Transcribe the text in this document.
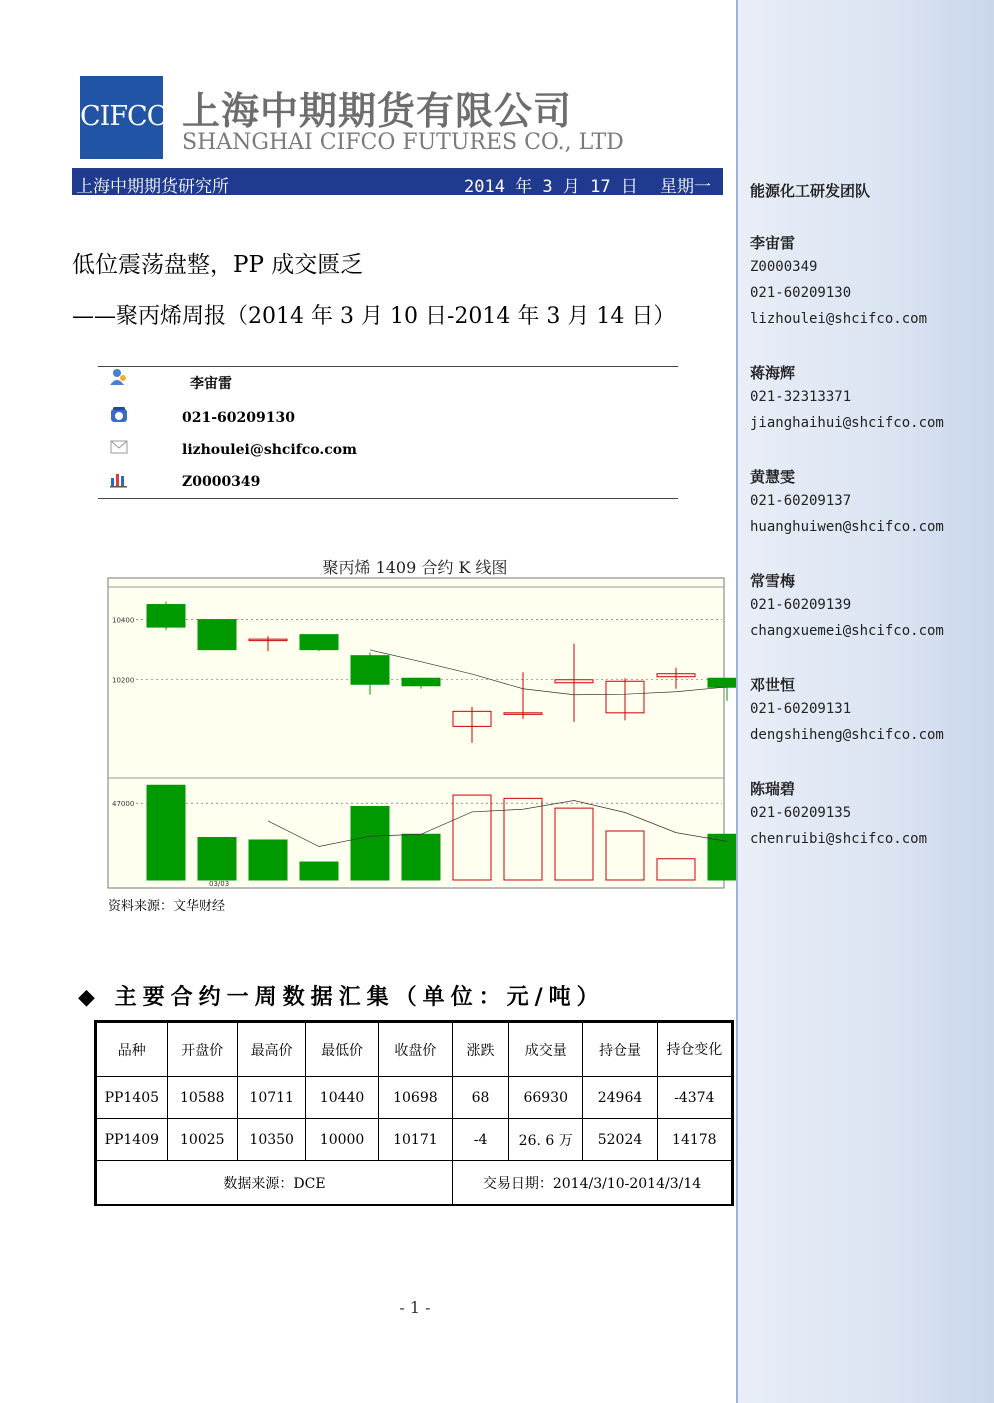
CIFCO 上海中期期货有限公司
SHANGHAI CIFCO FUTURES CO., LTD
上海中期期货研究所	2014 年 3 月 17 日 星期一
低位震荡盘整，PP 成交匮乏
——聚丙烯周报（2014 年 3 月 10 日-2014 年 3 月 14 日）
李宙雷
021-60209130
lizhoulei@shcifco.com
Z0000349
聚丙烯 1409 合约 K 线图
10400
10200
47000
03/03
资料来源：文华财经
◆ 主要合约一周数据汇集（单位：元/吨）
品种	开盘价	最高价	最低价	收盘价	涨跌	成交量	持仓量	持仓变化
PP1405	10588	10711	10440	10698	68	66930	24964	-4374
PP1409	10025	10350	10000	10171	-4	26. 6 万	52024	14178
数据来源：DCE					交易日期：2014/3/10-2014/3/14			
- 1 -
能源化工研发团队
李宙雷
Z0000349
021-60209130
lizhoulei@shcifco.com
蒋海辉
021-32313371
jianghaihui@shcifco.com
黄慧雯
021-60209137
huanghuiwen@shcifco.com
常雪梅
021-60209139
changxuemei@shcifco.com
邓世恒
021-60209131
dengshiheng@shcifco.com
陈瑞碧
021-60209135
chenruibi@shcifco.com
